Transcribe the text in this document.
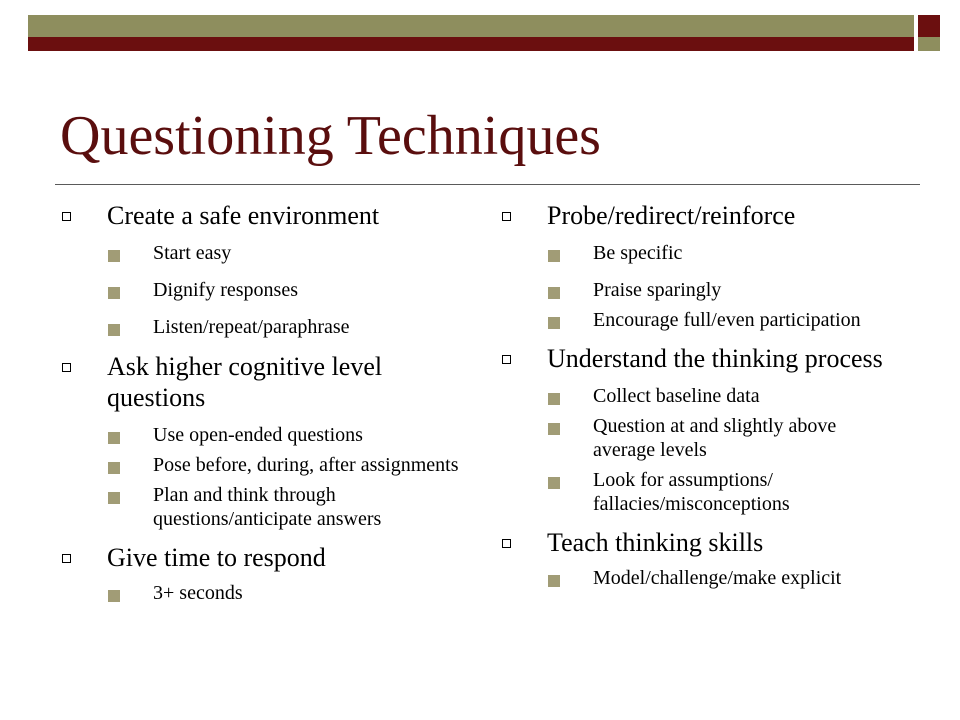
Questioning Techniques
Create a safe environment
Start easy
Dignify responses
Listen/repeat/paraphrase
Ask higher cognitive level questions
Use open-ended questions
Pose before, during, after assignments
Plan and think through questions/anticipate answers
Give time to respond
3+ seconds
Probe/redirect/reinforce
Be specific
Praise sparingly
Encourage full/even participation
Understand the thinking process
Collect baseline data
Question at and slightly above average levels
Look for assumptions/ fallacies/misconceptions
Teach thinking skills
Model/challenge/make explicit
